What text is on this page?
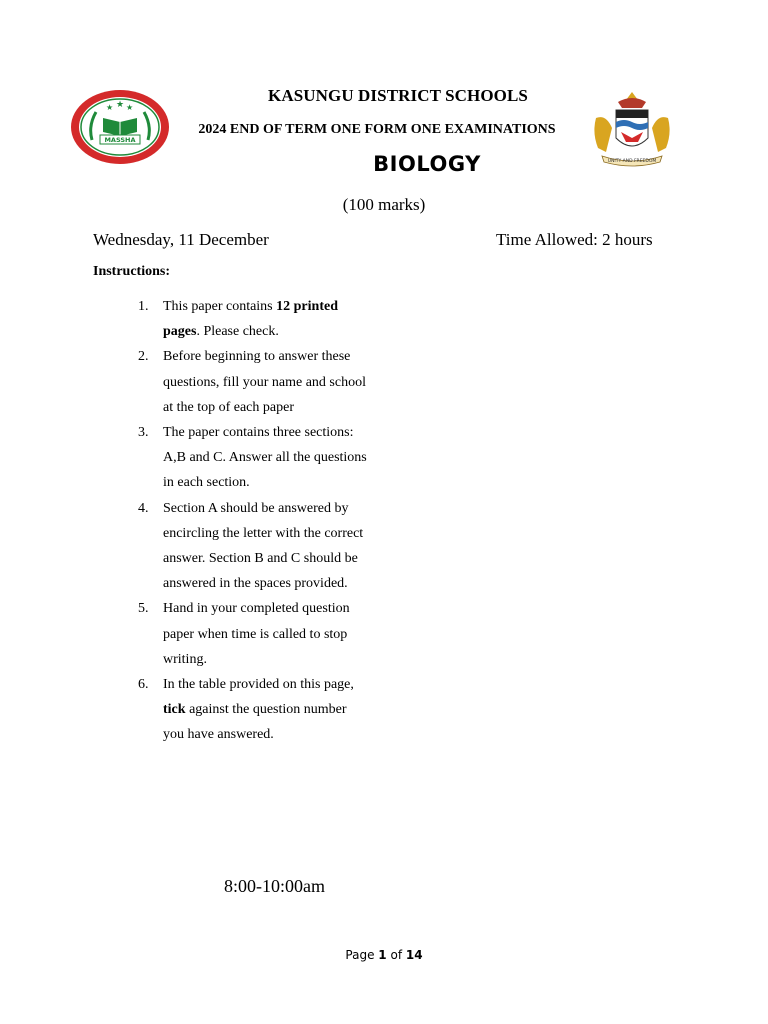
★ ★ ★
MASSHA
UNITY AND FREEDOM
KASUNGU DISTRICT SCHOOLS
2024 END OF TERM ONE FORM ONE EXAMINATIONS
BIOLOGY
(100 marks)
Wednesday, 11 December	Time Allowed: 2 hours
Instructions:
1. This paper contains 12 printed pages. Please check.
2. Before beginning to answer these questions, fill your name and school at the top of each paper
3. The paper contains three sections: A,B and C. Answer all the questions in each section.
4. Section A should be answered by encircling the letter with the correct answer. Section B and C should be answered in the spaces provided.
5. Hand in your completed question paper when time is called to stop writing.
6. In the table provided on this page, tick against the question number you have answered.
8:00-10:00am
Page 1 of 14
